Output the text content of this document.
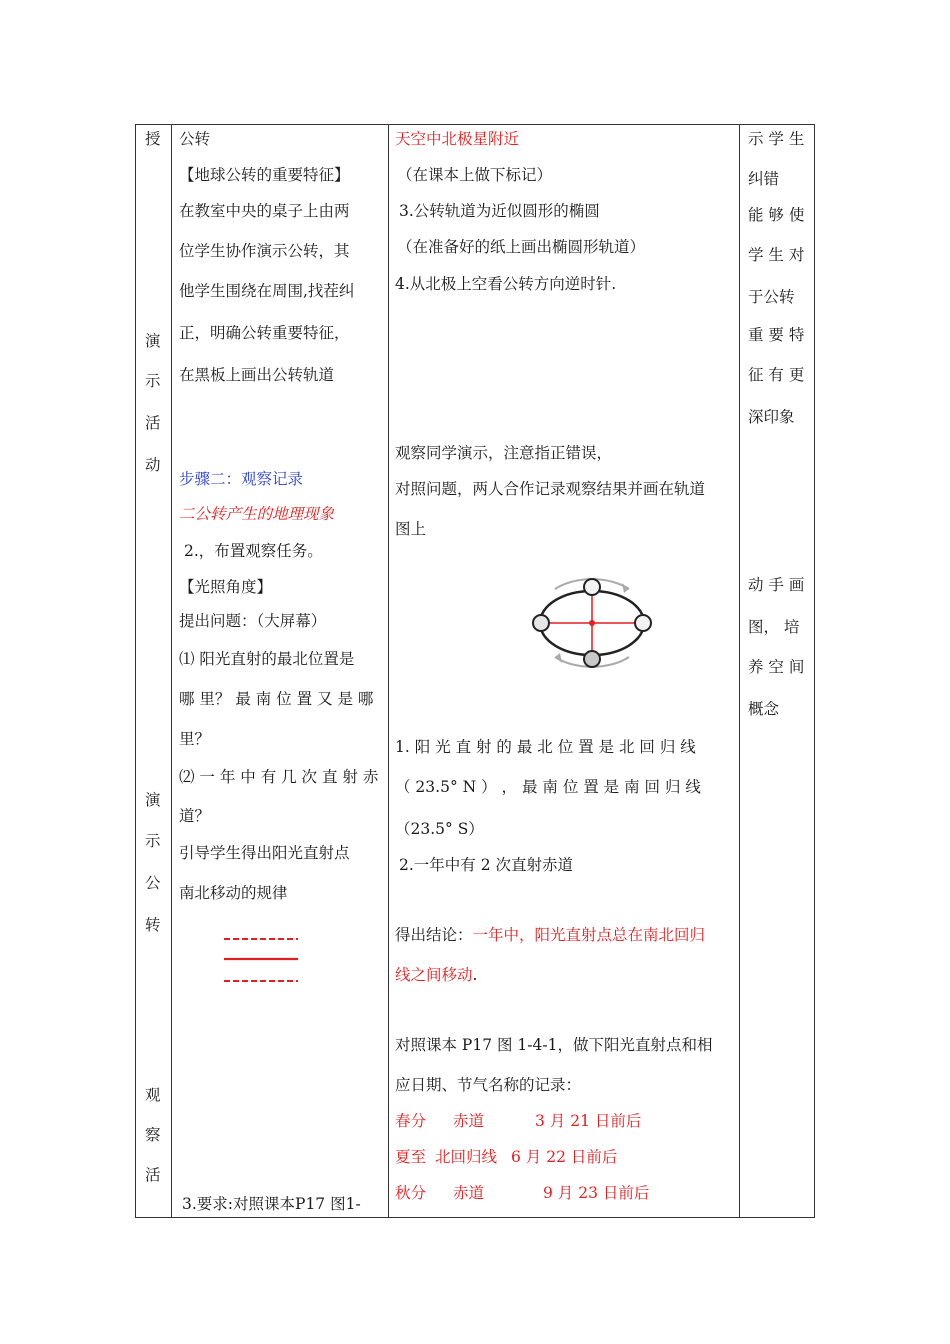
授
演
示
活
动
演
示
公
转
观
察
活
公转
【地球公转的重要特征】
在教室中央的桌子上由两
位学生协作演示公转，其
他学生围绕在周围,找茬纠
正，明确公转重要特征，
在黑板上画出公转轨道
步骤二：观察记录
二公转产生的地理现象
2.，布置观察任务。
【光照角度】
提出问题：（大屏幕）
⑴ 阳光直射的最北位置是
哪 里？ 最 南 位 置 又 是 哪
里？
⑵ 一 年 中 有 几 次 直 射 赤
道？
引导学生得出阳光直射点
南北移动的规律
3.要求:对照课本P17 图1-
天空中北极星附近
（在课本上做下标记）
3.公转轨道为近似圆形的椭圆
（在准备好的纸上画出椭圆形轨道）
4.从北极上空看公转方向逆时针.
观察同学演示，注意指正错误，
对照问题，两人合作记录观察结果并画在轨道
图上
1. 阳 光 直 射 的 最 北 位 置 是 北 回 归 线
（ 23.5° N ） ， 最 南 位 置 是 南 回 归 线
（23.5° S）
2.一年中有 2 次直射赤道
得出结论：一年中，阳光直射点总在南北回归
线之间移动.
对照课本 P17 图 1-4-1，做下阳光直射点和相
应日期、节气名称的记录：
春分 赤道	3 月 21 日前后
夏至 北回归线 6 月 22 日前后
秋分 赤道	9 月 23 日前后
示 学 生
纠错
能 够 使
学 生 对
于公转
重 要 特
征 有 更
深印象
动 手 画
图， 培
养 空 间
概念
